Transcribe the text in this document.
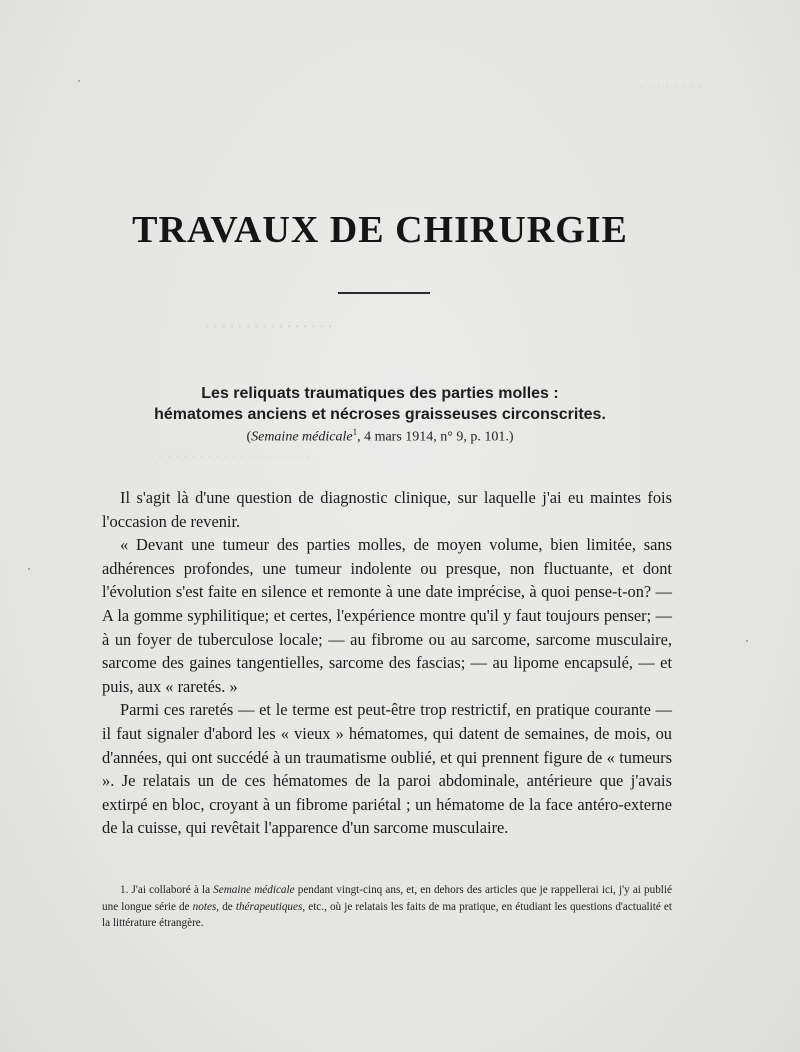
· · · · · · · ·
· · · · · · · · · · · · · · · ·
· · · · · · · · · · · · · · · · · · · ·
TRAVAUX DE CHIRURGIE
Les reliquats traumatiques des parties molles :
hématomes anciens et nécroses graisseuses circonscrites.
(Semaine médicale$^1$, 4 mars 1914, n° 9, p. 101.)

Il s'agit là d'une question de diagnostic clinique, sur laquelle j'ai eu maintes fois l'occasion de revenir.

« Devant une tumeur des parties molles, de moyen volume, bien limitée, sans adhérences profondes, une tumeur indolente ou presque, non fluctuante, et dont l'évolution s'est faite en silence et remonte à une date imprécise, à quoi pense-t-on? — A la gomme syphilitique; et certes, l'expérience montre qu'il y faut toujours penser; — à un foyer de tuberculose locale; — au fibrome ou au sarcome, sarcome musculaire, sarcome des gaines tangentielles, sarcome des fascias; — au lipome encapsulé, — et puis, aux « raretés. »

Parmi ces raretés — et le terme est peut-être trop restrictif, en pratique courante — il faut signaler d'abord les « vieux » hématomes, qui datent de semaines, de mois, ou d'années, qui ont succédé à un traumatisme oublié, et qui prennent figure de « tumeurs ». Je relatais un de ces hématomes de la paroi abdominale, antérieure que j'avais extirpé en bloc, croyant à un fibrome pariétal ; un hématome de la face antéro-externe de la cuisse, qui revêtait l'apparence d'un sarcome musculaire.

1. J'ai collaboré à la Semaine médicale pendant vingt-cinq ans, et, en dehors des articles que je rappellerai ici, j'y ai publié une longue série de notes, de thérapeutiques, etc., où je relatais les faits de ma pratique, en étudiant les questions d'actualité et la littérature étrangère.
